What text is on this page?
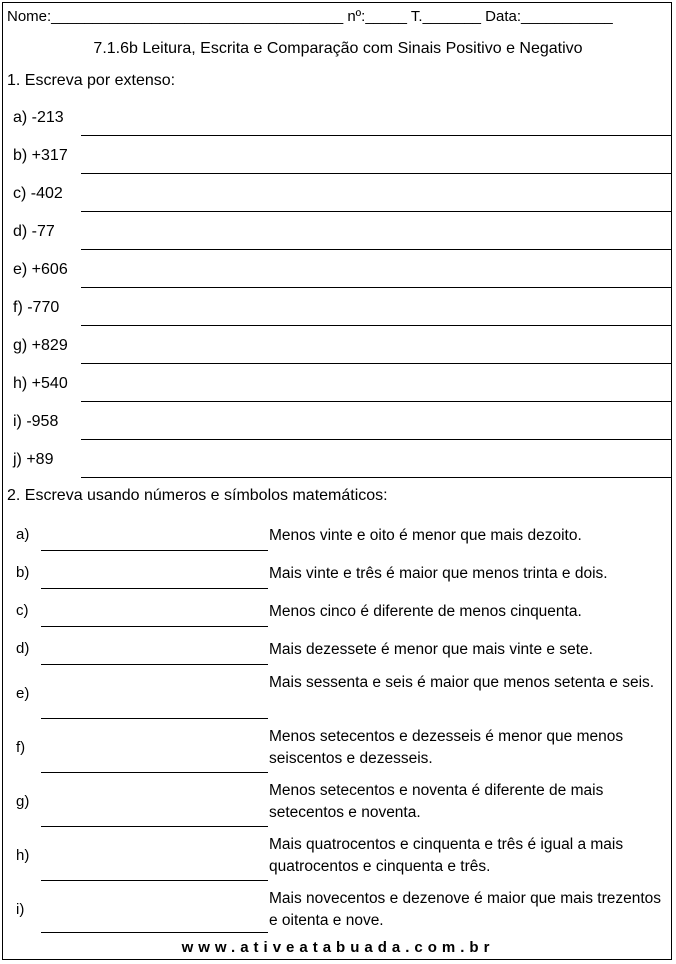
Nome:___________________________________ nº:_____ T._______ Data:___________
7.1.6b Leitura, Escrita e Comparação com Sinais Positivo e Negativo
1. Escreva por extenso:
a) -213
b) +317
c) -402
d) -77
e) +606
f) -770
g) +829
h) +540
i) -958
j) +89
2. Escreva usando números e símbolos matemáticos:
a)	Menos vinte e oito é menor que mais dezoito.
b)	Mais vinte e três é maior que menos trinta e dois.
c)	Menos cinco é diferente de menos cinquenta.
d)	Mais dezessete é menor que mais vinte e sete.
e)
Mais sessenta e seis é maior que menos setenta e seis.
f)
Menos setecentos e dezesseis é menor que menos seiscentos e dezesseis.
g)
Menos setecentos e noventa é diferente de mais setecentos e noventa.
h)
Mais quatrocentos e cinquenta e três é igual a mais quatrocentos e cinquenta e três.
i)
Mais novecentos e dezenove é maior que mais trezentos e oitenta e nove.
www.ativeatabuada.com.br
